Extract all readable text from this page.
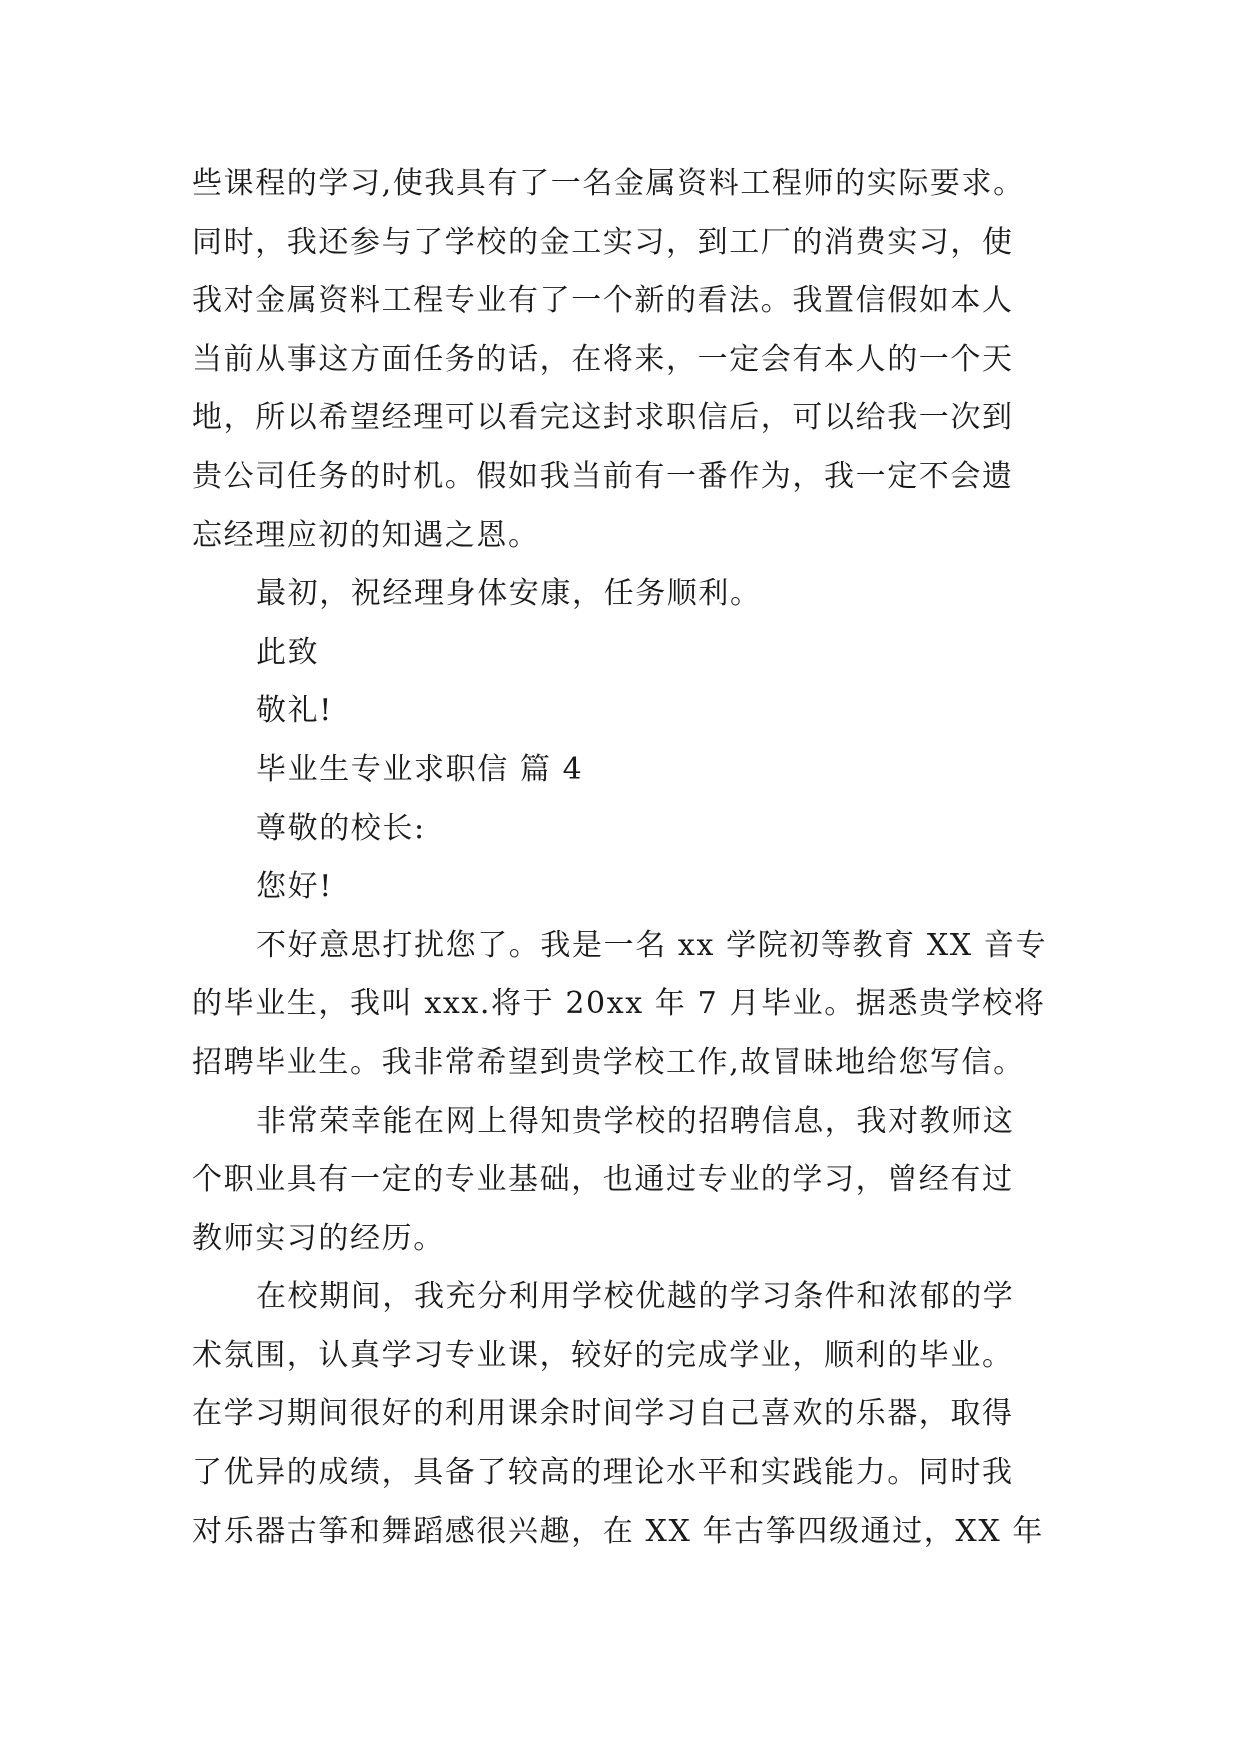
些课程的学习,使我具有了一名金属资料工程师的实际要求。
同时，我还参与了学校的金工实习，到工厂的消费实习，使
我对金属资料工程专业有了一个新的看法。我置信假如本人
当前从事这方面任务的话，在将来，一定会有本人的一个天
地，所以希望经理可以看完这封求职信后，可以给我一次到
贵公司任务的时机。假如我当前有一番作为，我一定不会遗
忘经理应初的知遇之恩。
最初，祝经理身体安康，任务顺利。
此致
敬礼!
毕业生专业求职信 篇 4
尊敬的校长:
您好!
不好意思打扰您了。我是一名 xx 学院初等教育 XX 音专
的毕业生，我叫 xxx.将于 20xx 年 7 月毕业。据悉贵学校将
招聘毕业生。我非常希望到贵学校工作,故冒昧地给您写信。
非常荣幸能在网上得知贵学校的招聘信息，我对教师这
个职业具有一定的专业基础，也通过专业的学习，曾经有过
教师实习的经历。
在校期间，我充分利用学校优越的学习条件和浓郁的学
术氛围，认真学习专业课，较好的完成学业，顺利的毕业。
在学习期间很好的利用课余时间学习自己喜欢的乐器，取得
了优异的成绩，具备了较高的理论水平和实践能力。同时我
对乐器古筝和舞蹈感很兴趣，在 XX 年古筝四级通过，XX 年
